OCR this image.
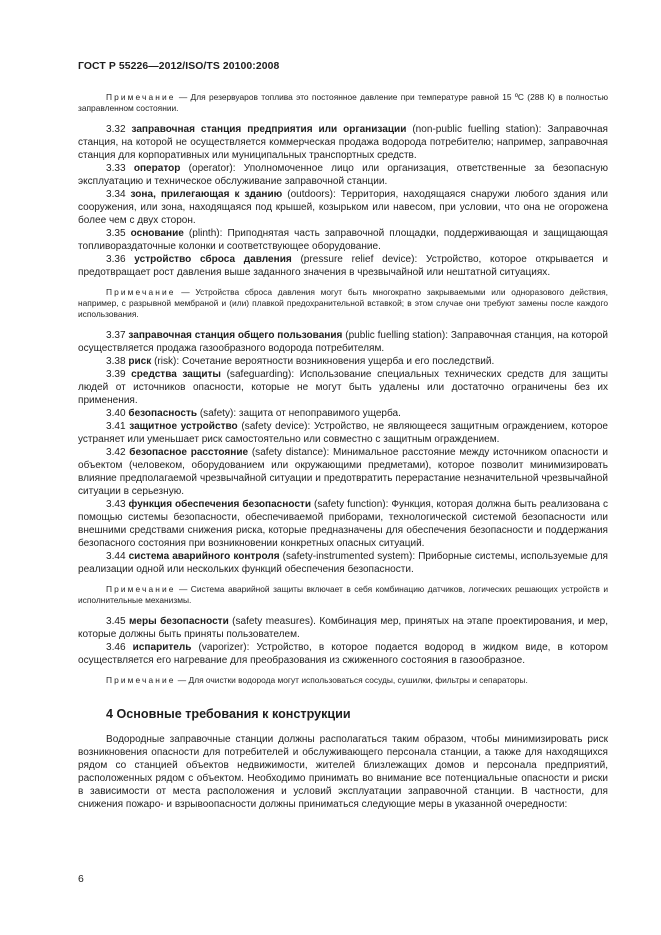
ГОСТ Р 55226—2012/ISO/TS 20100:2008

Примечание — Для резервуаров топлива это постоянное давление при температуре равной 15 ºC (288 К) в полностью заправленном состоянии.

3.32 заправочная станция предприятия или организации (non-public fuelling station): Заправочная станция, на которой не осуществляется коммерческая продажа водорода потребителю; например, заправочная станция для корпоративных или муниципальных транспортных средств.

3.33 оператор (operator): Уполномоченное лицо или организация, ответственные за безопасную эксплуатацию и техническое обслуживание заправочной станции.

3.34 зона, прилегающая к зданию (outdoors): Территория, находящаяся снаружи любого здания или сооружения, или зона, находящаяся под крышей, козырьком или навесом, при условии, что она не огорожена более чем с двух сторон.

3.35 основание (plinth): Приподнятая часть заправочной площадки, поддерживающая и защищающая топливораздаточные колонки и соответствующее оборудование.

3.36 устройство сброса давления (pressure relief device): Устройство, которое открывается и предотвращает рост давления выше заданного значения в чрезвычайной или нештатной ситуациях.

Примечание — Устройства сброса давления могут быть многократно закрываемыми или одноразового действия, например, с разрывной мембраной и (или) плавкой предохранительной вставкой; в этом случае они требуют замены после каждого использования.

3.37 заправочная станция общего пользования (public fuelling station): Заправочная станция, на которой осуществляется продажа газообразного водорода потребителям.

3.38 риск (risk): Сочетание вероятности возникновения ущерба и его последствий.

3.39 средства защиты (safeguarding): Использование специальных технических средств для защиты людей от источников опасности, которые не могут быть удалены или достаточно ограничены без их применения.

3.40 безопасность (safety): защита от непоправимого ущерба.

3.41 защитное устройство (safety device): Устройство, не являющееся защитным ограждением, которое устраняет или уменьшает риск самостоятельно или совместно с защитным ограждением.

3.42 безопасное расстояние (safety distance): Минимальное расстояние между источником опасности и объектом (человеком, оборудованием или окружающими предметами), которое позволит минимизировать влияние предполагаемой чрезвычайной ситуации и предотвратить перерастание незначительной чрезвычайной ситуации в серьезную.

3.43 функция обеспечения безопасности (safety function): Функция, которая должна быть реализована с помощью системы безопасности, обеспечиваемой приборами, технологической системой безопасности или внешними средствами снижения риска, которые предназначены для обеспечения безопасности и поддержания безопасного состояния при возникновении конкретных опасных ситуаций.

3.44 система аварийного контроля (safety-instrumented system): Приборные системы, используемые для реализации одной или нескольких функций обеспечения безопасности.

Примечание — Система аварийной защиты включает в себя комбинацию датчиков, логических решающих устройств и исполнительные механизмы.

3.45 меры безопасности (safety measures). Комбинация мер, принятых на этапе проектирования, и мер, которые должны быть приняты пользователем.

3.46 испаритель (vaporizer): Устройство, в которое подается водород в жидком виде, в котором осуществляется его нагревание для преобразования из сжиженного состояния в газообразное.

Примечание — Для очистки водорода могут использоваться сосуды, сушилки, фильтры и сепараторы.

4 Основные требования к конструкции

Водородные заправочные станции должны располагаться таким образом, чтобы минимизировать риск возникновения опасности для потребителей и обслуживающего персонала станции, а также для находящихся рядом со станцией объектов недвижимости, жителей близлежащих домов и персонала предприятий, расположенных рядом с объектом. Необходимо принимать во внимание все потенциальные опасности и риски в зависимости от места расположения и условий эксплуатации заправочной станции. В частности, для снижения пожаро- и взрывоопасности должны приниматься следующие меры в указанной очередности:

6
